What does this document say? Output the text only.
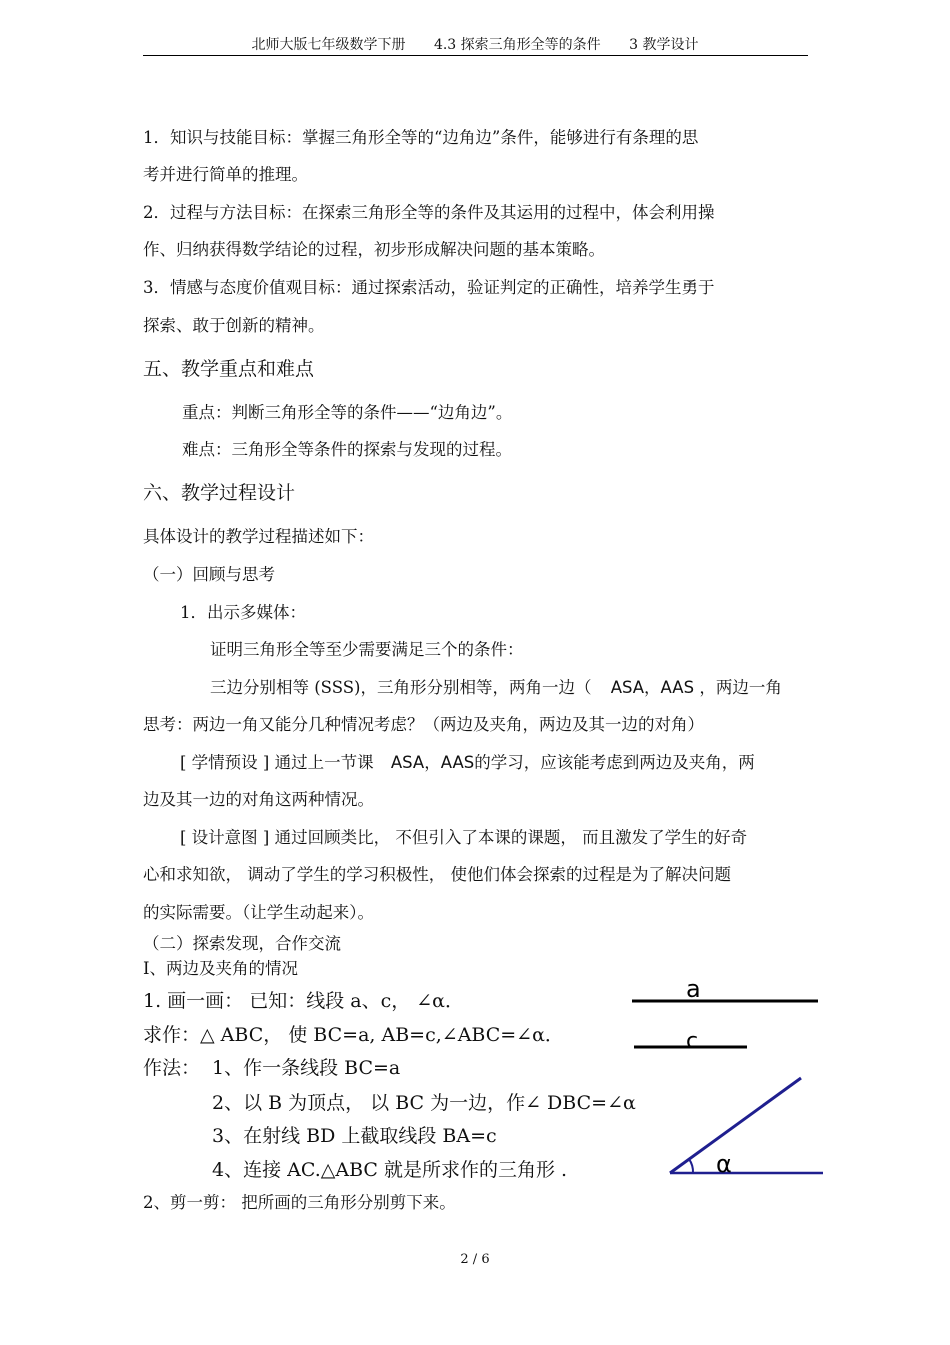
北师大版七年级数学下册 4.3 探索三角形全等的条件 3 教学设计
1．知识与技能目标：掌握三角形全等的“边角边”条件，能够进行有条理的思
考并进行简单的推理。
2．过程与方法目标：在探索三角形全等的条件及其运用的过程中，体会利用操
作、归纳获得数学结论的过程，初步形成解决问题的基本策略。
3．情感与态度价值观目标：通过探索活动，验证判定的正确性，培养学生勇于
探索、敢于创新的精神。
五、教学重点和难点
重点：判断三角形全等的条件——“边角边”。
难点：三角形全等条件的探索与发现的过程。
六、教学过程设计
具体设计的教学过程描述如下：
（一）回顾与思考
1．出示多媒体：
证明三角形全等至少需要满足三个的条件：
三边分别相等 (SSS)，三角形分别相等，两角一边（ ASA，AAS ，两边一角
思考：两边一角又能分几种情况考虑？（两边及夹角，两边及其一边的对角）
[ 学情预设 ] 通过上一节课 ASA，AAS的学习，应该能考虑到两边及夹角，两
边及其一边的对角这两种情况。
[ 设计意图 ] 通过回顾类比， 不但引入了本课的课题， 而且激发了学生的好奇
心和求知欲， 调动了学生的学习积极性， 使他们体会探索的过程是为了解决问题
的实际需要。（让学生动起来）。
（二）探索发现，合作交流
Ⅰ、两边及夹角的情况
1. 画一画： 已知：线段 a、c， ∠α．
求作：△ ABC， 使 BC=a, AB=c,∠ABC=∠α．
作法： 1、作一条线段 BC=a
2、以 B 为顶点， 以 BC 为一边，作∠ DBC=∠α
3、在射线 BD 上截取线段 BA=c
4、连接 AC.△ABC 就是所求作的三角形 .
2、剪一剪： 把所画的三角形分别剪下来。
a
c
α
2 / 6
